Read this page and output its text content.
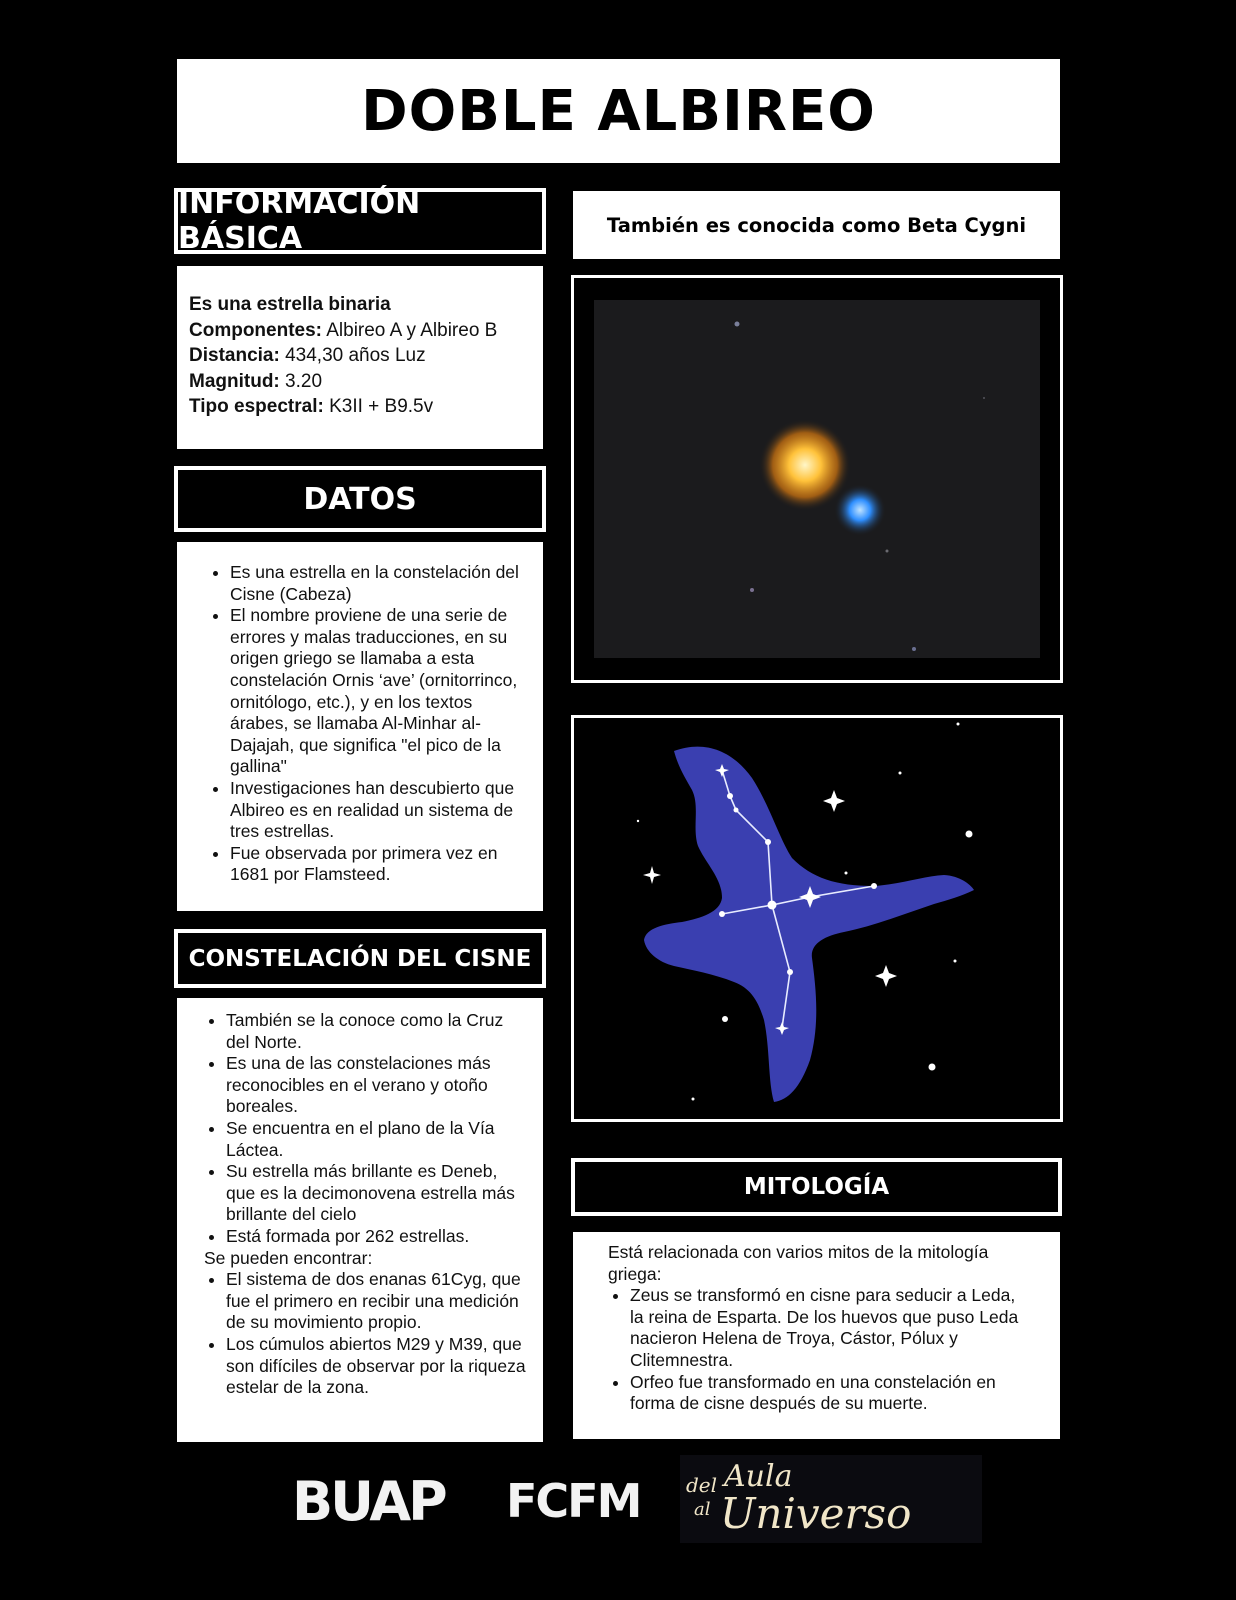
DOBLE ALBIREO
INFORMACIÓN BÁSICA	También es conocida como Beta Cygni

Es una estrella binaria

Componentes: Albireo A y Albireo B

Distancia: 434,30 años Luz

Magnitud: 3.20

Tipo espectral: K3II + B9.5v

DATOS
• Es una estrella en la constelación del Cisne (Cabeza)
• El nombre proviene de una serie de errores y malas traducciones, en su origen griego se llamaba a esta constelación Ornis ‘ave’ (ornitorrinco, ornitólogo, etc.), y en los textos árabes, se llamaba Al-Minhar al-Dajajah, que significa "el pico de la gallina"
• Investigaciones han descubierto que Albireo es en realidad un sistema de tres estrellas.
• Fue observada por primera vez en 1681 por Flamsteed.
CONSTELACIÓN DEL CISNE
• También se la conoce como la Cruz del Norte.
• Es una de las constelaciones más reconocibles en el verano y otoño boreales.
• Se encuentra en el plano de la Vía Láctea.
• Su estrella más brillante es Deneb, que es la decimonovena estrella más brillante del cielo
• Está formada por 262 estrellas.
Se pueden encontrar:
• El sistema de dos enanas 61Cyg, que fue el primero en recibir una medición de su movimiento propio.
• Los cúmulos abiertos M29 y M39, que son difíciles de observar por la riqueza estelar de la zona.
MITOLOGÍA
Está relacionada con varios mitos de la mitología griega:
• Zeus se transformó en cisne para seducir a Leda, la reina de Esparta. De los huevos que puso Leda nacieron Helena de Troya, Cástor, Pólux y Clitemnestra.
• Orfeo fue transformado en una constelación en forma de cisne después de su muerte.
BUAP FCFM del Aula
al Universo
